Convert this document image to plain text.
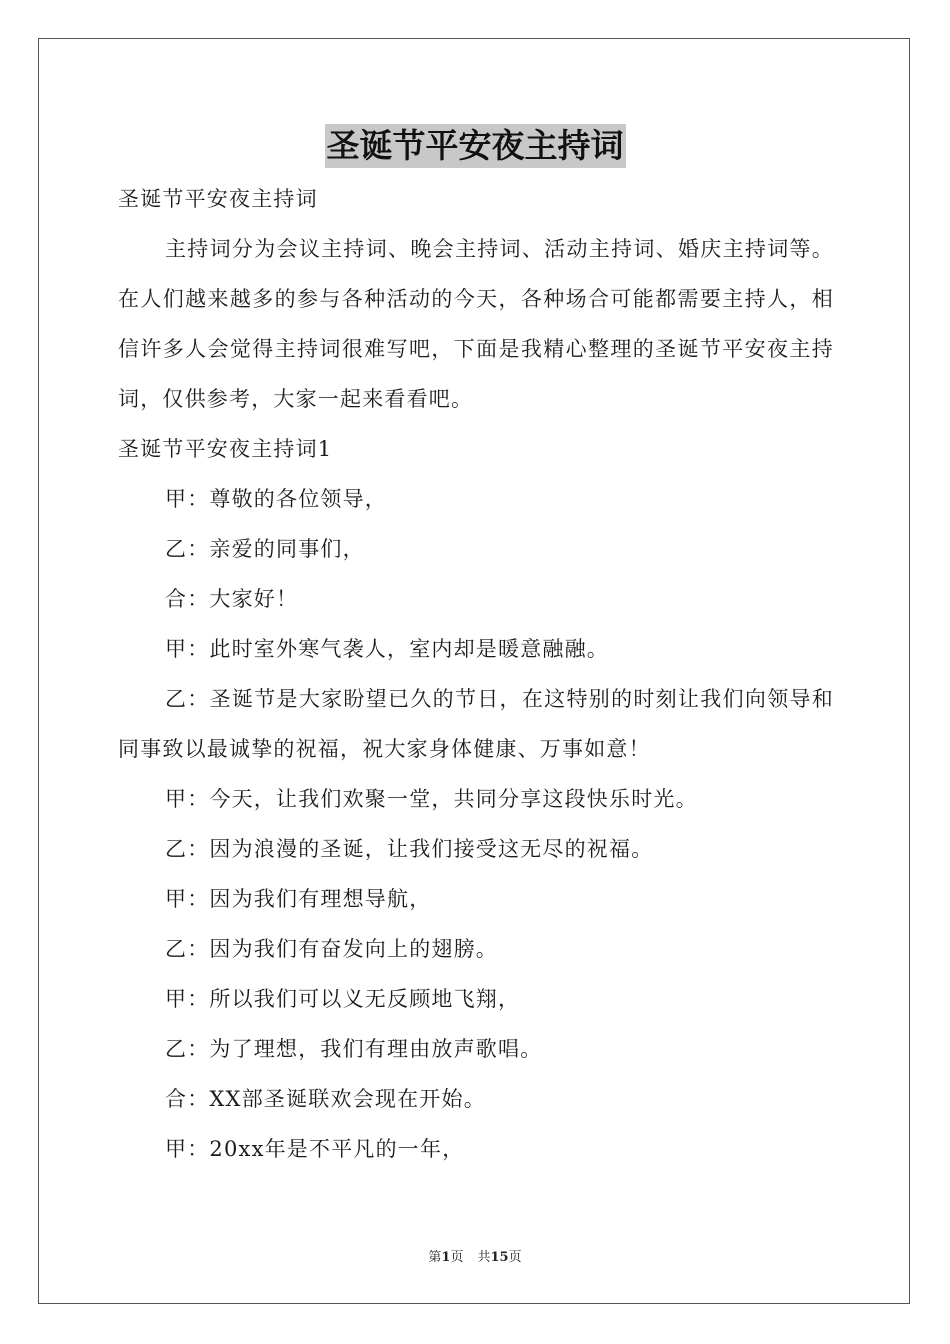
圣诞节平安夜主持词

圣诞节平安夜主持词

主持词分为会议主持词、晚会主持词、活动主持词、婚庆主持词等。在人们越来越多的参与各种活动的今天，各种场合可能都需要主持人，相信许多人会觉得主持词很难写吧，下面是我精心整理的圣诞节平安夜主持词，仅供参考，大家一起来看看吧。

圣诞节平安夜主持词1

甲：尊敬的各位领导，

乙：亲爱的同事们，

合：大家好！

甲：此时室外寒气袭人，室内却是暖意融融。

乙：圣诞节是大家盼望已久的节日，在这特别的时刻让我们向领导和同事致以最诚挚的祝福，祝大家身体健康、万事如意！

甲：今天，让我们欢聚一堂，共同分享这段快乐时光。

乙：因为浪漫的圣诞，让我们接受这无尽的祝福。

甲：因为我们有理想导航，

乙：因为我们有奋发向上的翅膀。

甲：所以我们可以义无反顾地飞翔，

乙：为了理想，我们有理由放声歌唱。

合：XX部圣诞联欢会现在开始。

甲：20xx年是不平凡的一年，

第1页 共15页
